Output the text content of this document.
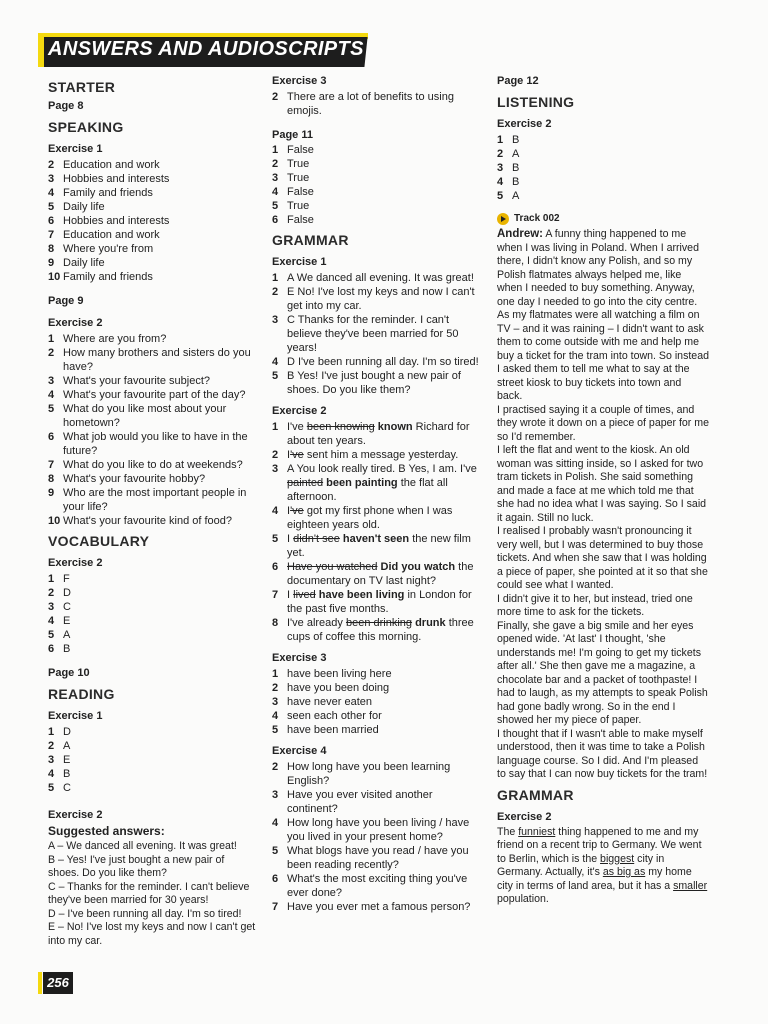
ANSWERS AND AUDIOSCRIPTS
STARTER
Page 8
SPEAKING
Exercise 1
2 Education and work
3 Hobbies and interests
4 Family and friends
5 Daily life
6 Hobbies and interests
7 Education and work
8 Where you're from
9 Daily life
10 Family and friends
Page 9
Exercise 2
1 Where are you from?
2 How many brothers and sisters do you have?
3 What's your favourite subject?
4 What's your favourite part of the day?
5 What do you like most about your hometown?
6 What job would you like to have in the future?
7 What do you like to do at weekends?
8 What's your favourite hobby?
9 Who are the most important people in your life?
10 What's your favourite kind of food?
VOCABULARY
Exercise 2
1 F
2 D
3 C
4 E
5 A
6 B
Page 10
READING
Exercise 1
1 D
2 A
3 E
4 B
5 C
Exercise 2
Suggested answers:

A – We danced all evening. It was great!

B – Yes! I've just bought a new pair of shoes. Do you like them?

C – Thanks for the reminder. I can't believe they've been married for 30 years!

D – I've been running all day. I'm so tired!

E – No! I've lost my keys and now I can't get into my car.

Exercise 3
2 There are a lot of benefits to using emojis.
Page 11
1 False
2 True
3 True
4 False
5 True
6 False
GRAMMAR
Exercise 1
1 A We danced all evening. It was great!
2 E No! I've lost my keys and now I can't get into my car.
3 C Thanks for the reminder. I can't believe they've been married for 50 years!
4 D I've been running all day. I'm so tired!
5 B Yes! I've just bought a new pair of shoes. Do you like them?
Exercise 2
1 I've been knowing known Richard for about ten years.
2 I've sent him a message yesterday.
3 A You look really tired. B Yes, I am. I've painted been painting the flat all afternoon.
4 I've got my first phone when I was eighteen years old.
5 I didn't see haven't seen the new film yet.
6 Have you watched Did you watch the documentary on TV last night?
7 I lived have been living in London for the past five months.
8 I've already been drinking drunk three cups of coffee this morning.
Exercise 3
1 have been living here
2 have you been doing
3 have never eaten
4 seen each other for
5 have been married
Exercise 4
2 How long have you been learning English?
3 Have you ever visited another continent?
4 How long have you been living / have you lived in your present home?
5 What blogs have you read / have you been reading recently?
6 What's the most exciting thing you've ever done?
7 Have you ever met a famous person?
Page 12
LISTENING
Exercise 2
1 B
2 A
3 B
4 B
5 A
Track 002

Andrew: A funny thing happened to me when I was living in Poland. When I arrived there, I didn't know any Polish, and so my Polish flatmates always helped me, like when I needed to buy something. Anyway, one day I needed to go into the city centre. As my flatmates were all watching a film on TV – and it was raining – I didn't want to ask them to come outside with me and help me buy a ticket for the tram into town. So instead I asked them to tell me what to say at the street kiosk to buy tickets into town and back.

I practised saying it a couple of times, and they wrote it down on a piece of paper for me so I'd remember.

I left the flat and went to the kiosk. An old woman was sitting inside, so I asked for two tram tickets in Polish. She said something and made a face at me which told me that she had no idea what I was saying. So I said it again. Still no luck.

I realised I probably wasn't pronouncing it very well, but I was determined to buy those tickets. And when she saw that I was holding a piece of paper, she pointed at it so that she could see what I wanted.

I didn't give it to her, but instead, tried one more time to ask for the tickets.

Finally, she gave a big smile and her eyes opened wide. 'At last' I thought, 'she understands me! I'm going to get my tickets after all.' She then gave me a magazine, a chocolate bar and a packet of toothpaste! I had to laugh, as my attempts to speak Polish had gone badly wrong. So in the end I showed her my piece of paper.

I thought that if I wasn't able to make myself understood, then it was time to take a Polish language course. So I did. And I'm pleased to say that I can now buy tickets for the tram!

GRAMMAR
Exercise 2

The funniest thing happened to me and my friend on a recent trip to Germany. We went to Berlin, which is the biggest city in Germany. Actually, it's as big as my home city in terms of land area, but it has a smaller population.

256
